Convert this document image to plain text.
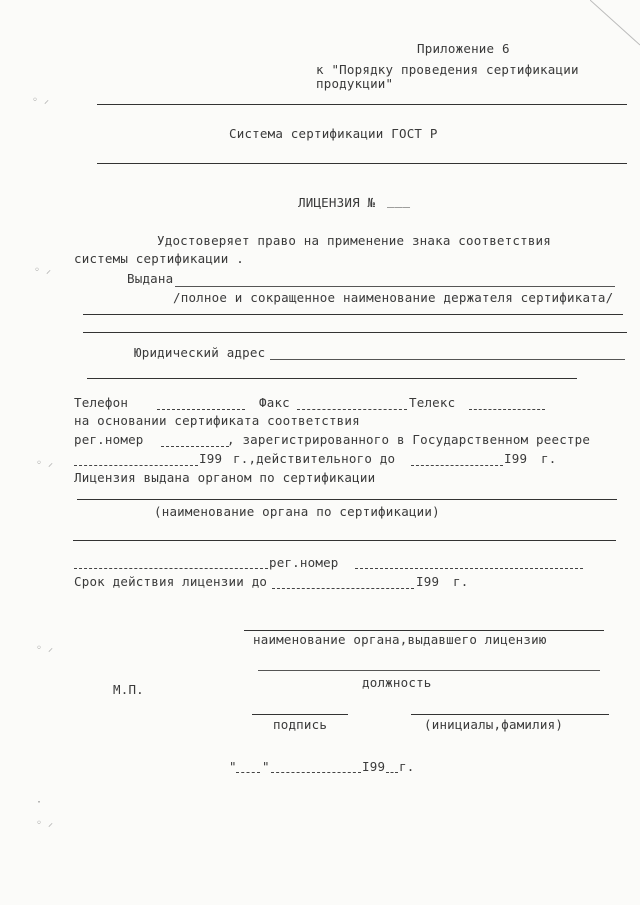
Приложение 6
к "Порядку проведения сертификации
продукции"
Система сертификации ГОСТ Р
ЛИЦЕНЗИЯ № ___
Удостоверяет право на применение знака соответствия
системы сертификации .
Выдана
/полное и сокращенное наименование держателя сертификата/
Юридический адрес
Телефон	Факс	Телекс
на основании сертификата соответствия
рег.номер	, зарегистрированного в Государственном реестре
I99 г.,действительного до	I99 г.
Лицензия выдана органом по сертификации
(наименование органа по сертификации)
рег.номер
Срок действия лицензии до	I99 г.
наименование органа,выдавшего лицензию
должность
М.П.
подпись	(инициалы,фамилия)
" "	I99 г.
◦ ⸝
◦ ⸝
◦ ⸝
◦ ⸝
·
◦ ⸝
